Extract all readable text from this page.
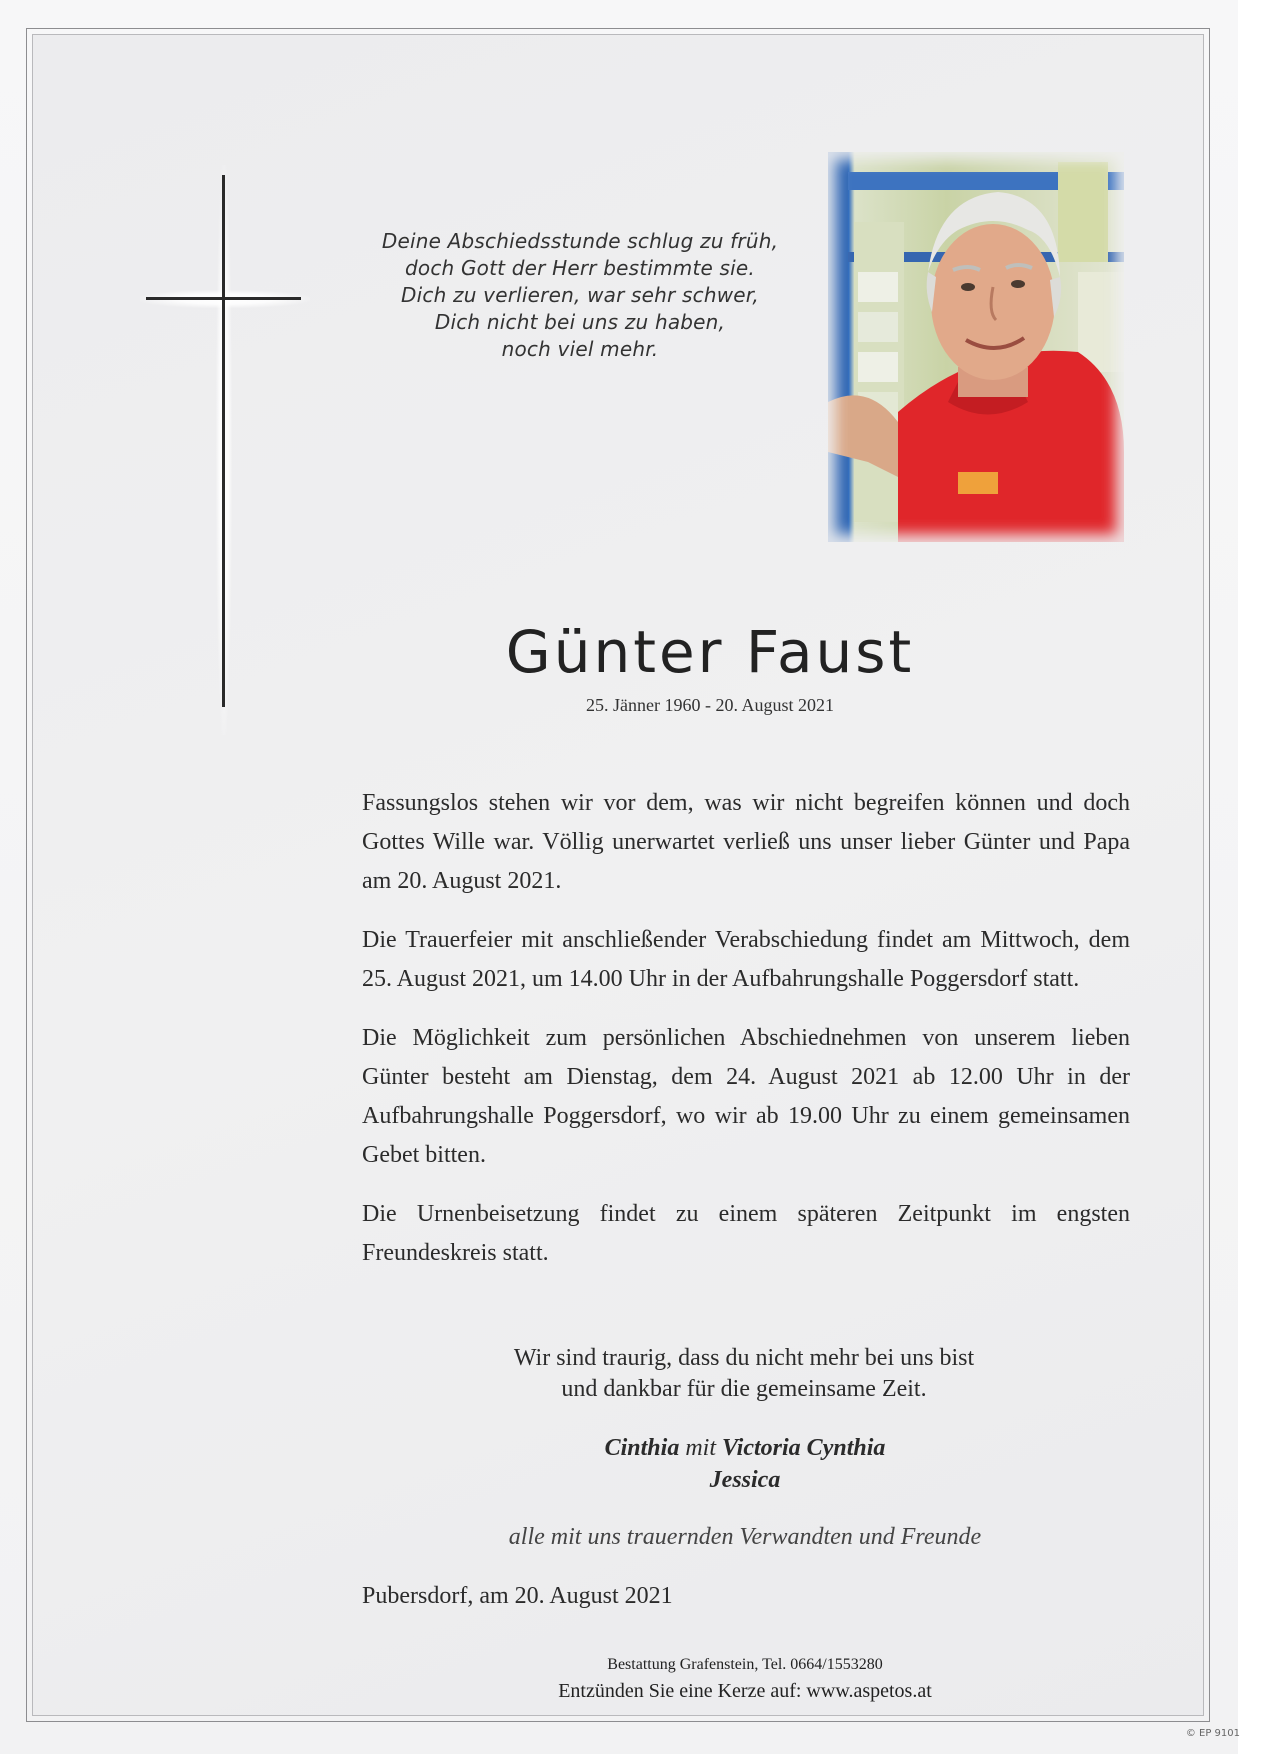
Deine Abschiedsstunde schlug zu früh,
doch Gott der Herr bestimmte sie.
Dich zu verlieren, war sehr schwer,
Dich nicht bei uns zu haben,
noch viel mehr.
Günter Faust
25. Jänner 1960 - 20. August 2021

Fassungslos stehen wir vor dem, was wir nicht begreifen können und doch Gottes Wille war. Völlig unerwartet verließ uns unser lieber Günter und Papa am 20. August 2021.

Die Trauerfeier mit anschließender Verabschiedung findet am Mittwoch, dem 25. August 2021, um 14.00 Uhr in der Aufbahrungshalle Poggersdorf statt.

Die Möglichkeit zum persönlichen Abschiednehmen von unserem lieben Günter besteht am Dienstag, dem 24. August 2021 ab 12.00 Uhr in der Aufbahrungshalle Poggersdorf, wo wir ab 19.00 Uhr zu einem gemeinsamen Gebet bitten.

Die Urnenbeisetzung findet zu einem späteren Zeitpunkt im engsten Freundeskreis statt.

Wir sind traurig, dass du nicht mehr bei uns bist
und dankbar für die gemeinsame Zeit.
Cinthia mit Victoria Cynthia
Jessica
alle mit uns trauernden Verwandten und Freunde
Pubersdorf, am 20. August 2021
Bestattung Grafenstein, Tel. 0664/1553280
Entzünden Sie eine Kerze auf: www.aspetos.at
© EP 9101
